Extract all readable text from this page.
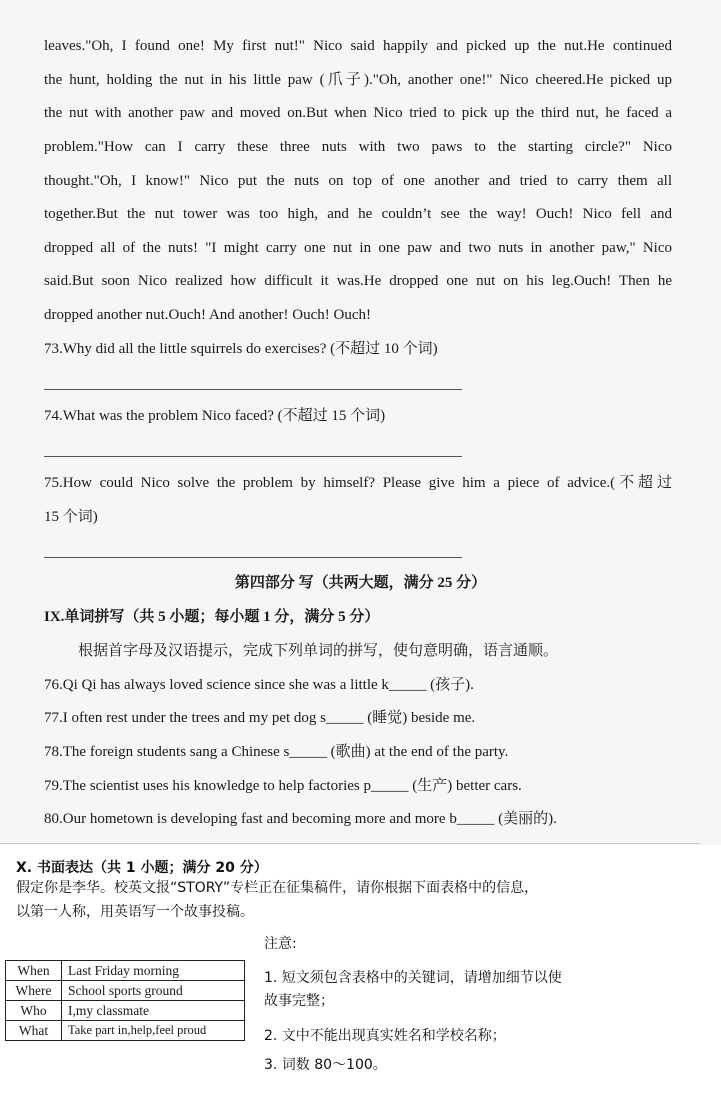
leaves."Oh, I found one! My first nut!" Nico said happily and picked up the nut.He continued
the hunt, holding the nut in his little paw (爪子)."Oh, another one!" Nico cheered.He picked up
the nut with another paw and moved on.But when Nico tried to pick up the third nut, he faced a
problem."How can I carry these three nuts with two paws to the starting circle?" Nico
thought."Oh, I know!" Nico put the nuts on top of one another and tried to carry them all
together.But the nut tower was too high, and he couldn’t see the way! Ouch! Nico fell and
dropped all of the nuts! "I might carry one nut in one paw and two nuts in another paw," Nico
said.But soon Nico realized how difficult it was.He dropped one nut on his leg.Ouch! Then he
dropped another nut.Ouch! And another! Ouch! Ouch!
73.Why did all the little squirrels do exercises? (不超过 10 个词)
74.What was the problem Nico faced? (不超过 15 个词)
75.How could Nico solve the problem by himself? Please give him a piece of advice.(不超过
15 个词)
第四部分 写（共两大题，满分 25 分）
IX.单词拼写（共 5 小题；每小题 1 分，满分 5 分）
根据首字母及汉语提示，完成下列单词的拼写，使句意明确，语言通顺。
76.Qi Qi has always loved science since she was a little k_____ (孩子).
77.I often rest under the trees and my pet dog s_____ (睡觉) beside me.
78.The foreign students sang a Chinese s_____ (歌曲) at the end of the party.
79.The scientist uses his knowledge to help factories p_____ (生产) better cars.
80.Our hometown is developing fast and becoming more and more b_____ (美丽的).
X. 书面表达（共 1 小题；满分 20 分）
假定你是李华。校英文报“STORY”专栏正在征集稿件，请你根据下面表格中的信息，
以第一人称，用英语写一个故事投稿。
When	Last Friday morning
Where	School sports ground
Who	I,my classmate
What	Take part in,help,feel proud
注意:
1. 短文须包含表格中的关键词，请增加细节以使
故事完整；
2. 文中不能出现真实姓名和学校名称；
3. 词数 80～100。
